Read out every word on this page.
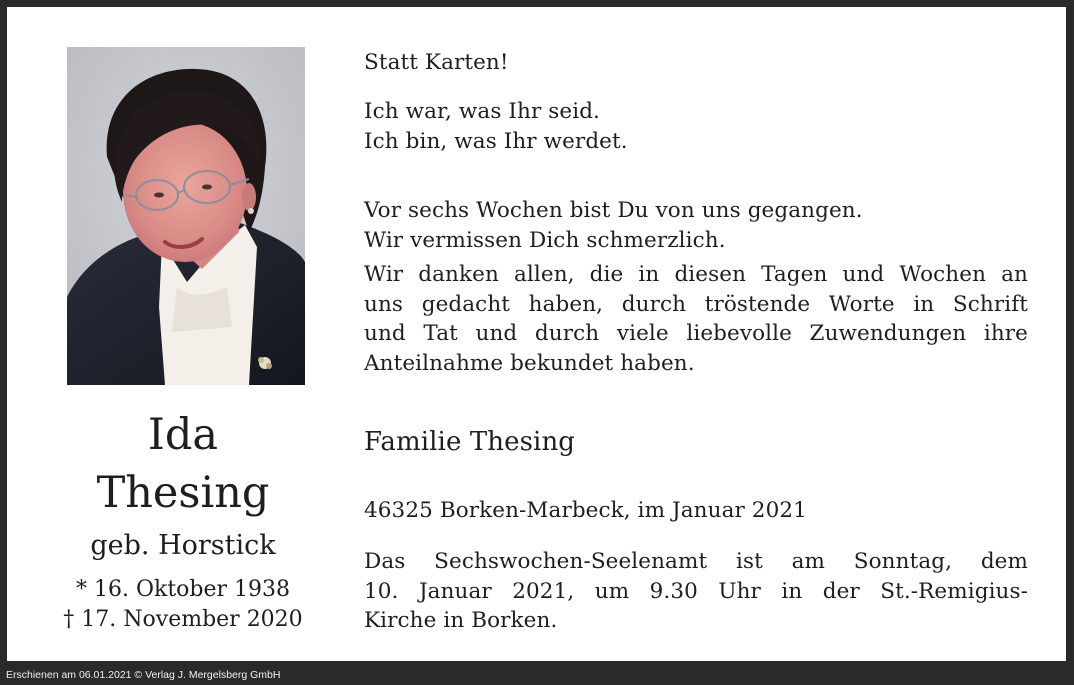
Ida
Thesing
geb. Horstick
* 16. Oktober 1938
† 17. November 2020
Statt Karten!
Ich war, was Ihr seid.
Ich bin, was Ihr werdet.
Vor sechs Wochen bist Du von uns gegangen.
Wir vermissen Dich schmerzlich.
Wir danken allen, die in diesen Tagen und Wochen an
uns gedacht haben, durch tröstende Worte in Schrift
und Tat und durch viele liebevolle Zuwendungen ihre
Anteilnahme bekundet haben.
Familie Thesing
46325 Borken-Marbeck, im Januar 2021
Das Sechswochen-Seelenamt ist am Sonntag, dem
10. Januar 2021, um 9.30 Uhr in der St.-Remigius-
Kirche in Borken.
Erschienen am 06.01.2021 © Verlag J. Mergelsberg GmbH
